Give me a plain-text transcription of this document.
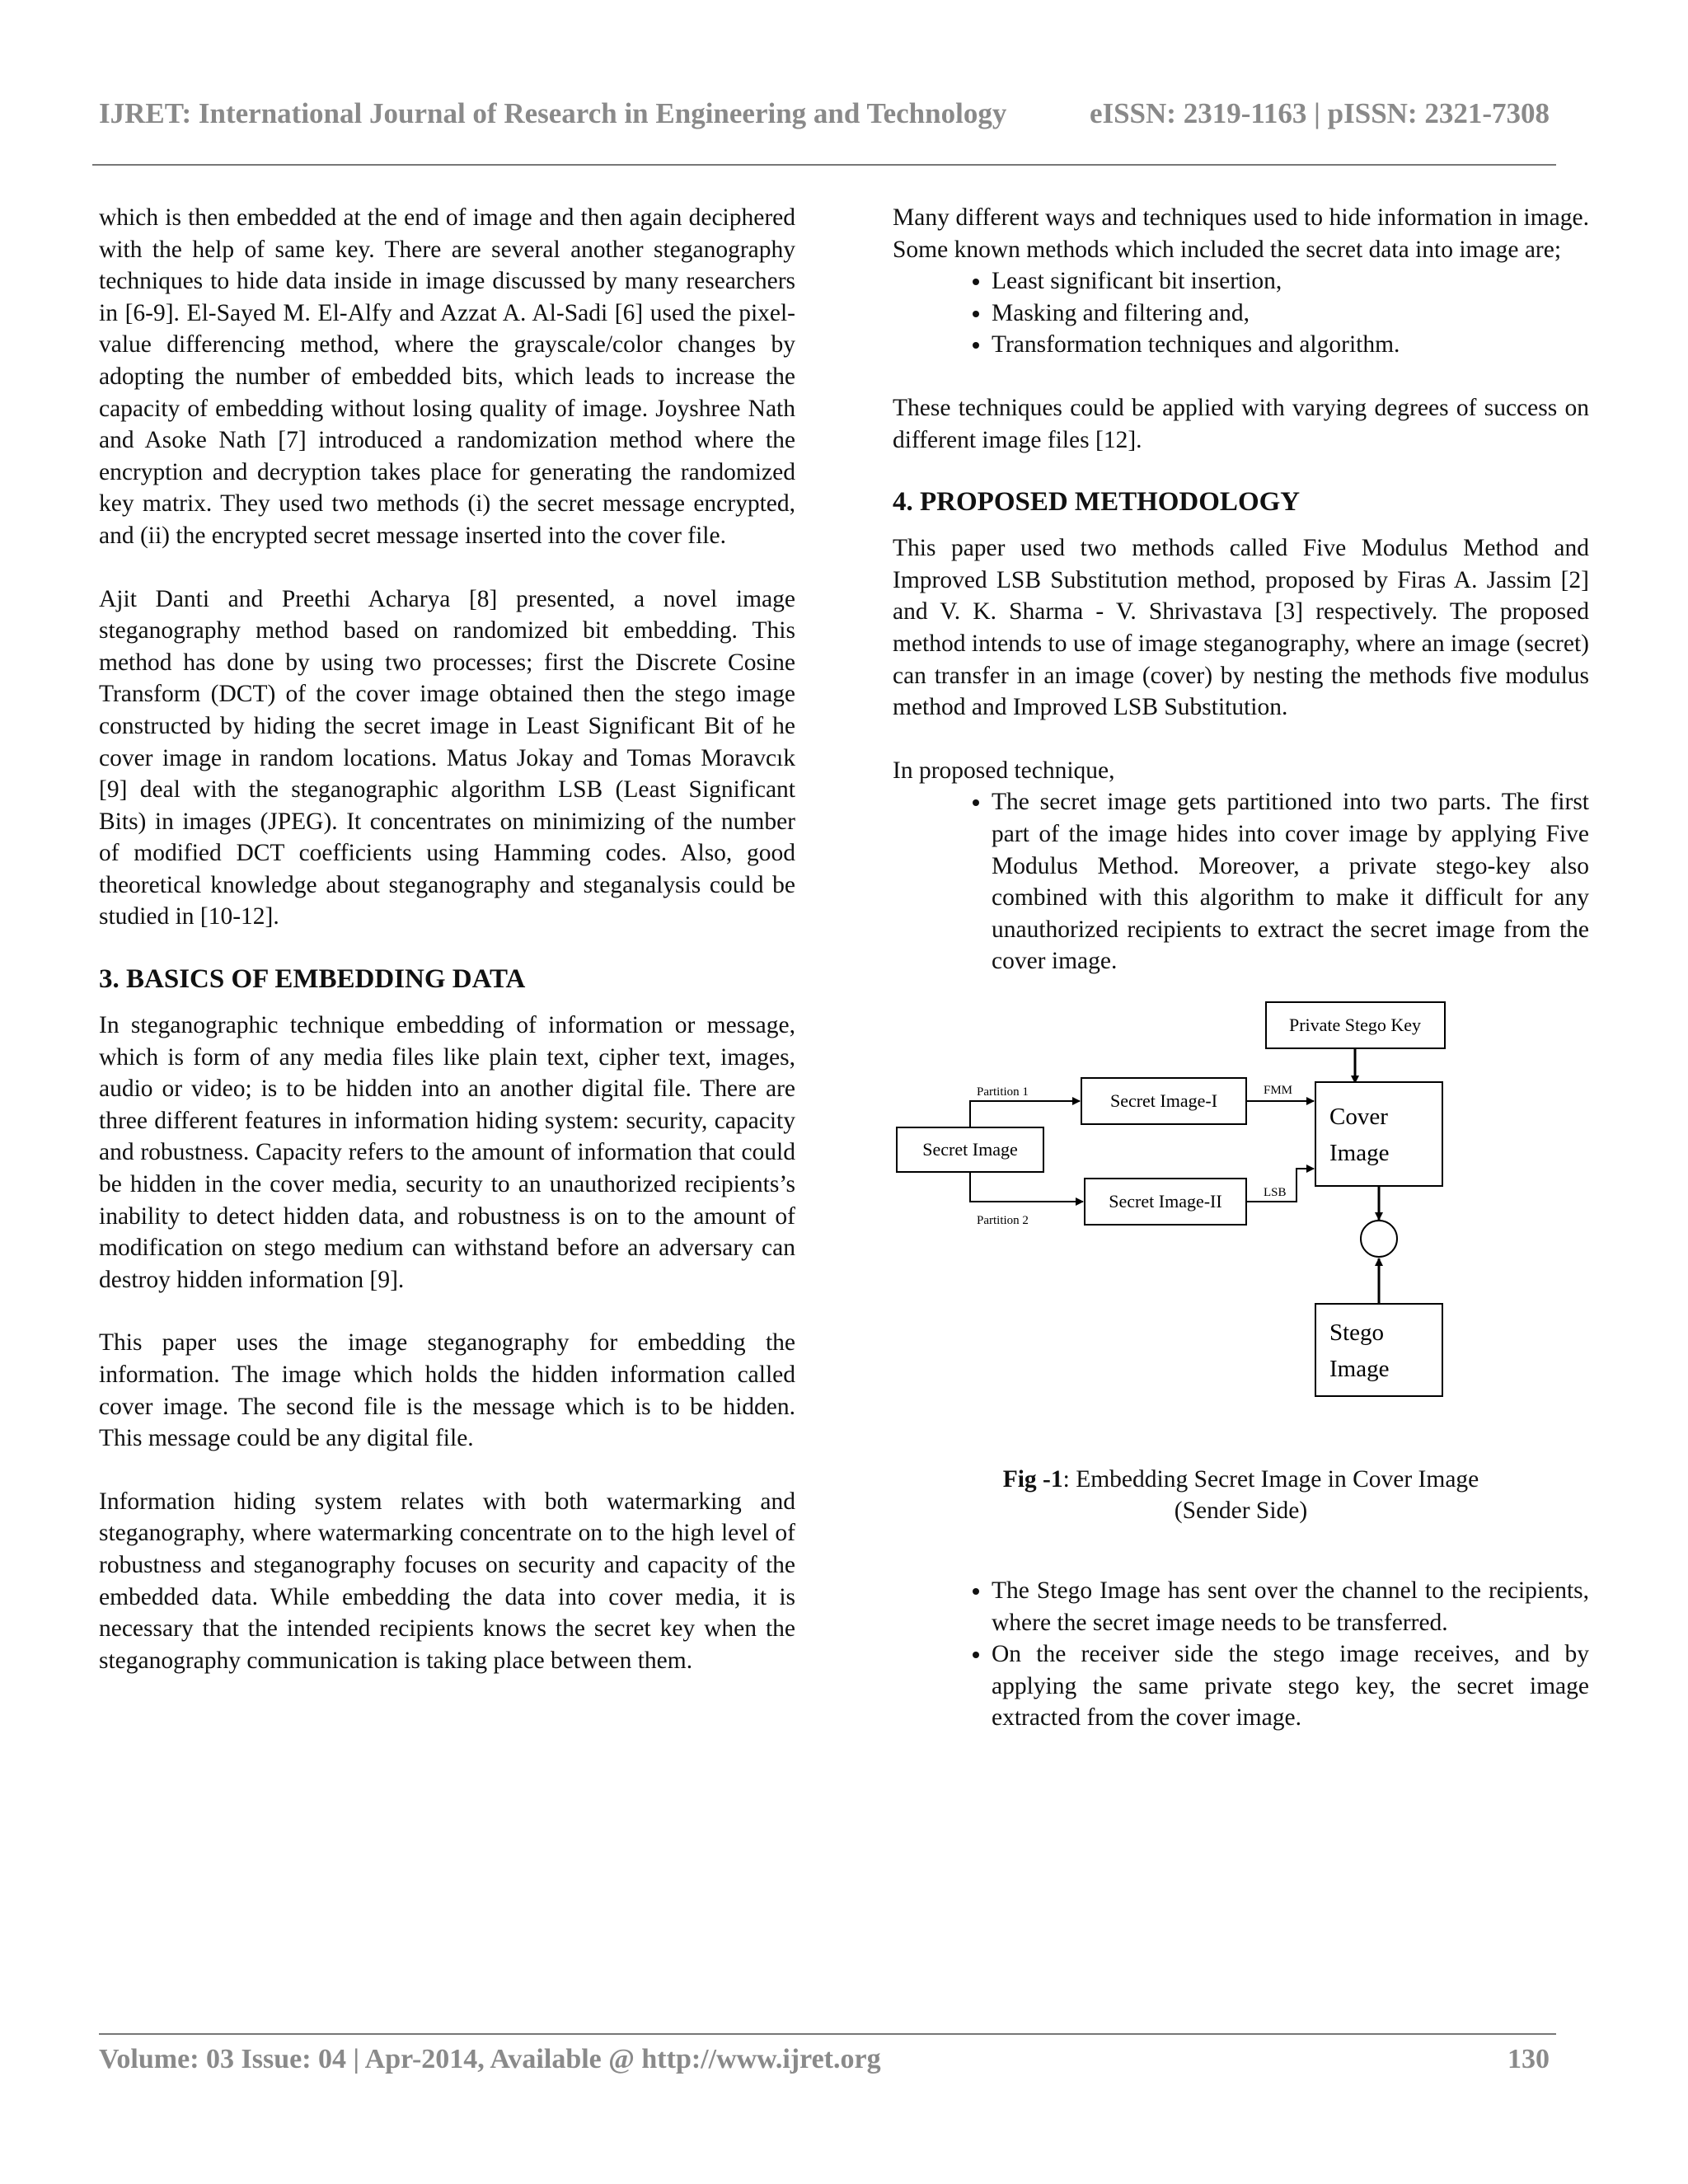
IJRET: International Journal of Research in Engineering and Technology	eISSN: 2319-1163 | pISSN: 2321-7308

which is then embedded at the end of image and then again deciphered with the help of same key. There are several another steganography techniques to hide data inside in image discussed by many researchers in [6-9]. El-Sayed M. El-Alfy and Azzat A. Al-Sadi [6] used the pixel-value differencing method, where the grayscale/color changes by adopting the number of embedded bits, which leads to increase the capacity of embedding without losing quality of image. Joyshree Nath and Asoke Nath [7] introduced a randomization method where the encryption and decryption takes place for generating the randomized key matrix. They used two methods (i) the secret message encrypted, and (ii) the encrypted secret message inserted into the cover file.

Ajit Danti and Preethi Acharya [8] presented, a novel image steganography method based on randomized bit embedding. This method has done by using two processes; first the Discrete Cosine Transform (DCT) of the cover image obtained then the stego image constructed by hiding the secret image in Least Significant Bit of he cover image in random locations. Matus Jokay and Tomas Moravcık [9] deal with the steganographic algorithm LSB (Least Significant Bits) in images (JPEG). It concentrates on minimizing of the number of modified DCT coefficients using Hamming codes. Also, good theoretical knowledge about steganography and steganalysis could be studied in [10-12].

3. BASICS OF EMBEDDING DATA

In steganographic technique embedding of information or message, which is form of any media files like plain text, cipher text, images, audio or video; is to be hidden into an another digital file. There are three different features in information hiding system: security, capacity and robustness. Capacity refers to the amount of information that could be hidden in the cover media, security to an unauthorized recipients’s inability to detect hidden data, and robustness is on to the amount of modification on stego medium can withstand before an adversary can destroy hidden information [9].

This paper uses the image steganography for embedding the information. The image which holds the hidden information called cover image. The second file is the message which is to be hidden. This message could be any digital file.

Information hiding system relates with both watermarking and steganography, where watermarking concentrate on to the high level of robustness and steganography focuses on security and capacity of the embedded data. While embedding the data into cover media, it is necessary that the intended recipients knows the secret key when the steganography communication is taking place between them.

Many different ways and techniques used to hide information in image. Some known methods which included the secret data into image are;

• Least significant bit insertion,
• Masking and filtering and,
• Transformation techniques and algorithm.

These techniques could be applied with varying degrees of success on different image files [12].

4. PROPOSED METHODOLOGY

This paper used two methods called Five Modulus Method and Improved LSB Substitution method, proposed by Firas A. Jassim [2] and V. K. Sharma - V. Shrivastava [3] respectively. The proposed method intends to use of image steganography, where an image (secret) can transfer in an image (cover) by nesting the methods five modulus method and Improved LSB Substitution.

In proposed technique,

• The secret image gets partitioned into two parts. The first part of the image hides into cover image by applying Five Modulus Method. Moreover, a private stego-key also combined with this algorithm to make it difficult for any unauthorized recipients to extract the secret image from the cover image.
Private Stego Key
Secret Image
Secret Image-I
Secret Image-II
Cover
Image
Stego
Image
Partition 1
Partition 2
FMM
LSB
Fig -1: Embedding Secret Image in Cover Image
(Sender Side)
• The Stego Image has sent over the channel to the recipients, where the secret image needs to be transferred.
• On the receiver side the stego image receives, and by applying the same private stego key, the secret image extracted from the cover image.
Volume: 03 Issue: 04 | Apr-2014, Available @ http://www.ijret.org	130
